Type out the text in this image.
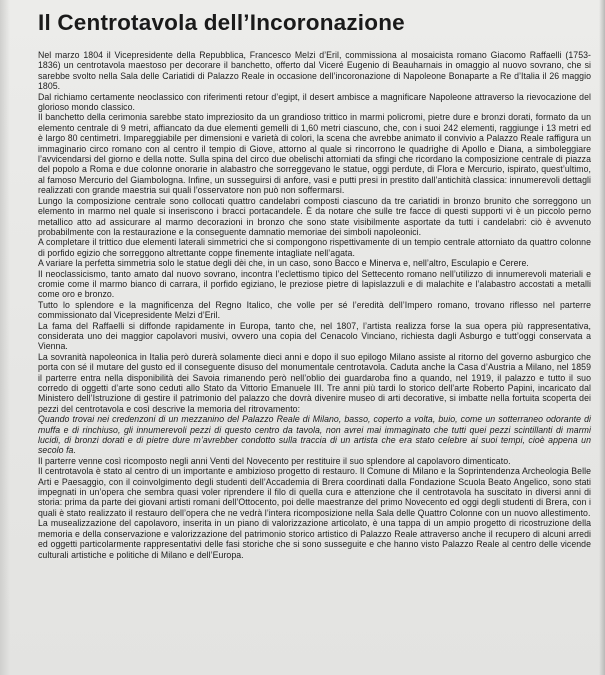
Il Centrotavola dell’Incoronazione

Nel marzo 1804 il Vicepresidente della Repubblica, Francesco Melzi d’Eril, commissiona al mosaicista romano Giacomo Raffaelli (1753-1836) un centrotavola maestoso per decorare il banchetto, offerto dal Viceré Eugenio di Beauharnais in omaggio al nuovo sovrano, che si sarebbe svolto nella Sala delle Cariatidi di Palazzo Reale in occasione dell’incoronazione di Napoleone Bonaparte a Re d’Italia il 26 maggio 1805.

Dal richiamo certamente neoclassico con riferimenti retour d’egipt, il desert ambisce a magnificare Napoleone attraverso la rievocazione del glorioso mondo classico.

Il banchetto della cerimonia sarebbe stato impreziosito da un grandioso trittico in marmi policromi, pietre dure e bronzi dorati, formato da un elemento centrale di 9 metri, affiancato da due elementi gemelli di 1,60 metri ciascuno, che, con i suoi 242 elementi, raggiunge i 13 metri ed è largo 80 centimetri. Impareggiabile per dimensioni e varietà di colori, la scena che avrebbe animato il convivio a Palazzo Reale raffigura un immaginario circo romano con al centro il tempio di Giove, attorno al quale si rincorrono le quadrighe di Apollo e Diana, a simboleggiare l’avvicendarsi del giorno e della notte. Sulla spina del circo due obelischi attorniati da sfingi che ricordano la composizione centrale di piazza del popolo a Roma e due colonne onorarie in alabastro che sorreggevano le statue, oggi perdute, di Flora e Mercurio, ispirato, quest’ultimo, al famoso Mercurio del Giambologna. Infine, un susseguirsi di anfore, vasi e putti presi in prestito dall’antichità classica: innumerevoli dettagli realizzati con grande maestria sui quali l’osservatore non può non soffermarsi.

Lungo la composizione centrale sono collocati quattro candelabri composti ciascuno da tre cariatidi in bronzo brunito che sorreggono un elemento in marmo nel quale si inseriscono i bracci portacandele. È da notare che sulle tre facce di questi supporti vi è un piccolo perno metallico atto ad assicurare al marmo decorazioni in bronzo che sono state visibilmente asportate da tutti i candelabri: ciò è avvenuto probabilmente con la restaurazione e la conseguente damnatio memoriae dei simboli napoleonici.

A completare il trittico due elementi laterali simmetrici che si compongono rispettivamente di un tempio centrale attorniato da quattro colonne di porfido egizio che sorreggono altrettante coppe finemente intagliate nell’agata.

A variare la perfetta simmetria solo le statue degli dèi che, in un caso, sono Bacco e Minerva e, nell’altro, Esculapio e Cerere.

Il neoclassicismo, tanto amato dal nuovo sovrano, incontra l’eclettismo tipico del Settecento romano nell’utilizzo di innumerevoli materiali e cromie come il marmo bianco di carrara, il porfido egiziano, le preziose pietre di lapislazzuli e di malachite e l’alabastro accostati a metalli come oro e bronzo.

Tutto lo splendore e la magnificenza del Regno Italico, che volle per sé l’eredità dell’Impero romano, trovano riflesso nel parterre commissionato dal Vicepresidente Melzi d’Eril.

La fama del Raffaelli si diffonde rapidamente in Europa, tanto che, nel 1807, l’artista realizza forse la sua opera più rappresentativa, considerata uno dei maggior capolavori musivi, ovvero una copia del Cenacolo Vinciano, richiesta dagli Asburgo e tutt’oggi conservata a Vienna.

La sovranità napoleonica in Italia però durerà solamente dieci anni e dopo il suo epilogo Milano assiste al ritorno del governo asburgico che porta con sé il mutare del gusto ed il conseguente disuso del monumentale centrotavola. Caduta anche la Casa d’Austria a Milano, nel 1859 il parterre entra nella disponibilità dei Savoia rimanendo però nell’oblio dei guardaroba fino a quando, nel 1919, il palazzo e tutto il suo corredo di oggetti d’arte sono ceduti allo Stato da Vittorio Emanuele III. Tre anni più tardi lo storico dell’arte Roberto Papini, incaricato dal Ministero dell’Istruzione di gestire il patrimonio del palazzo che dovrà divenire museo di arti decorative, si imbatte nella fortuita scoperta dei pezzi del centrotavola e così descrive la memoria del ritrovamento:

Quando trovai nei credenzoni di un mezzanino del Palazzo Reale di Milano, basso, coperto a volta, buio, come un sotterraneo odorante di muffa e di rinchiuso, gli innumerevoli pezzi di questo centro da tavola, non avrei mai immaginato che tutti quei pezzi scintillanti di marmi lucidi, di bronzi dorati e di pietre dure m’avrebber condotto sulla traccia di un artista che era stato celebre ai suoi tempi, cioè appena un secolo fa.

Il parterre venne così ricomposto negli anni Venti del Novecento per restituire il suo splendore al capolavoro dimenticato.

Il centrotavola è stato al centro di un importante e ambizioso progetto di restauro. Il Comune di Milano e la Soprintendenza Archeologia Belle Arti e Paesaggio, con il coinvolgimento degli studenti dell’Accademia di Brera coordinati dalla Fondazione Scuola Beato Angelico, sono stati impegnati in un’opera che sembra quasi voler riprendere il filo di quella cura e attenzione che il centrotavola ha suscitato in diversi anni di storia: prima da parte dei giovani artisti romani dell’Ottocento, poi delle maestranze del primo Novecento ed oggi degli studenti di Brera, con i quali è stato realizzato il restauro dell’opera che ne vedrà l’intera ricomposizione nella Sala delle Quattro Colonne con un nuovo allestimento.

La musealizzazione del capolavoro, inserita in un piano di valorizzazione articolato, è una tappa di un ampio progetto di ricostruzione della memoria e della conservazione e valorizzazione del patrimonio storico artistico di Palazzo Reale attraverso anche il recupero di alcuni arredi ed oggetti particolarmente rappresentativi delle fasi storiche che si sono susseguite e che hanno visto Palazzo Reale al centro delle vicende culturali artistiche e politiche di Milano e dell’Europa.
